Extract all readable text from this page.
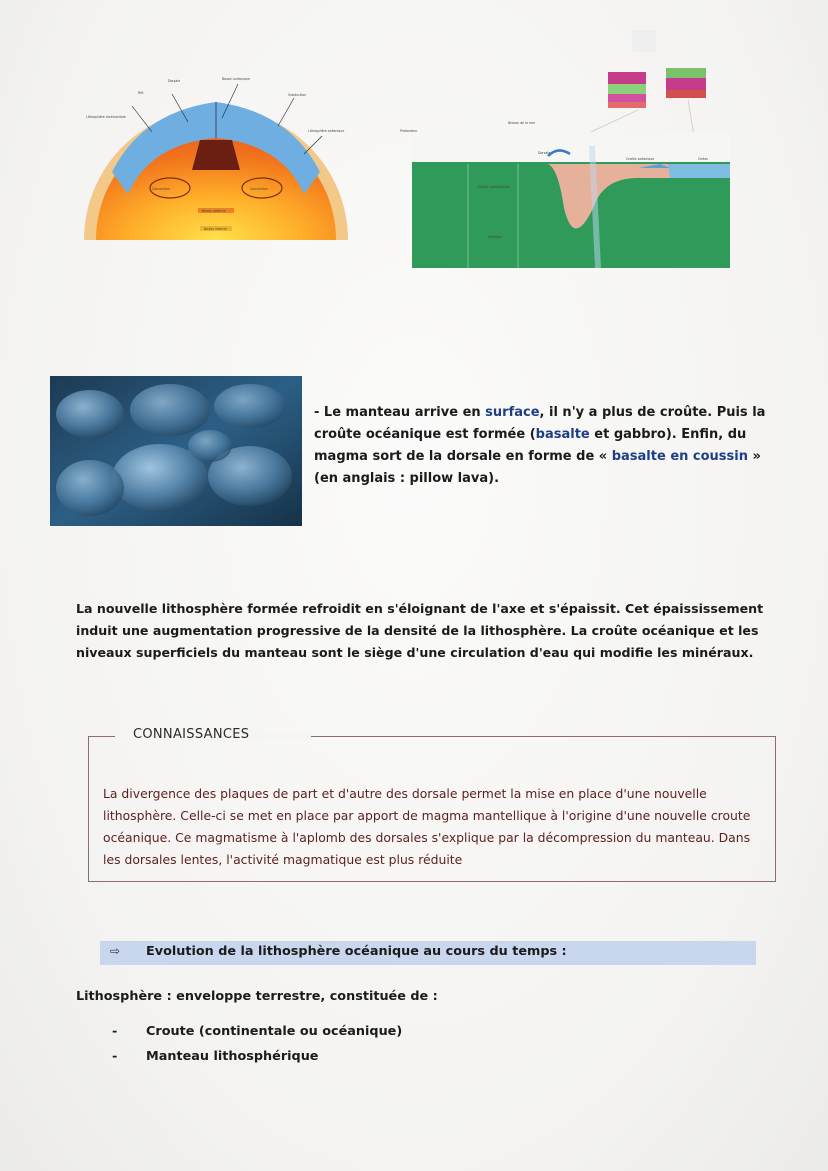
Lithosphère continentale
Rift
Dorsale	Bassin océanique
Subduction
Lithosphère océanique
Convection	Convection
Noyau externe
Noyau interne
Profondeur
Croûte continentale
Dorsale
Croûte océanique
Manteau
Océan
Niveau de la mer
- Le manteau arrive en surface, il n'y a plus de croûte. Puis la croûte océanique est formée (basalte et gabbro). Enfin, du magma sort de la dorsale en forme de « basalte en coussin » (en anglais : pillow lava).
La nouvelle lithosphère formée refroidit en s'éloignant de l'axe et s'épaissit. Cet épaississement induit une augmentation progressive de la densité de la lithosphère. La croûte océanique et les niveaux superficiels du manteau sont le siège d'une circulation d'eau qui modifie les minéraux.
CONNAISSANCES
La divergence des plaques de part et d'autre des dorsale permet la mise en place d'une nouvelle lithosphère. Celle-ci se met en place par apport de magma mantellique à l'origine d'une nouvelle croute océanique. Ce magmatisme à l'aplomb des dorsales s'explique par la décompression du manteau. Dans les dorsales lentes, l'activité magmatique est plus réduite
⇨ Evolution de la lithosphère océanique au cours du temps :
Lithosphère : enveloppe terrestre, constituée de :
- Croute (continentale ou océanique)
- Manteau lithosphérique
